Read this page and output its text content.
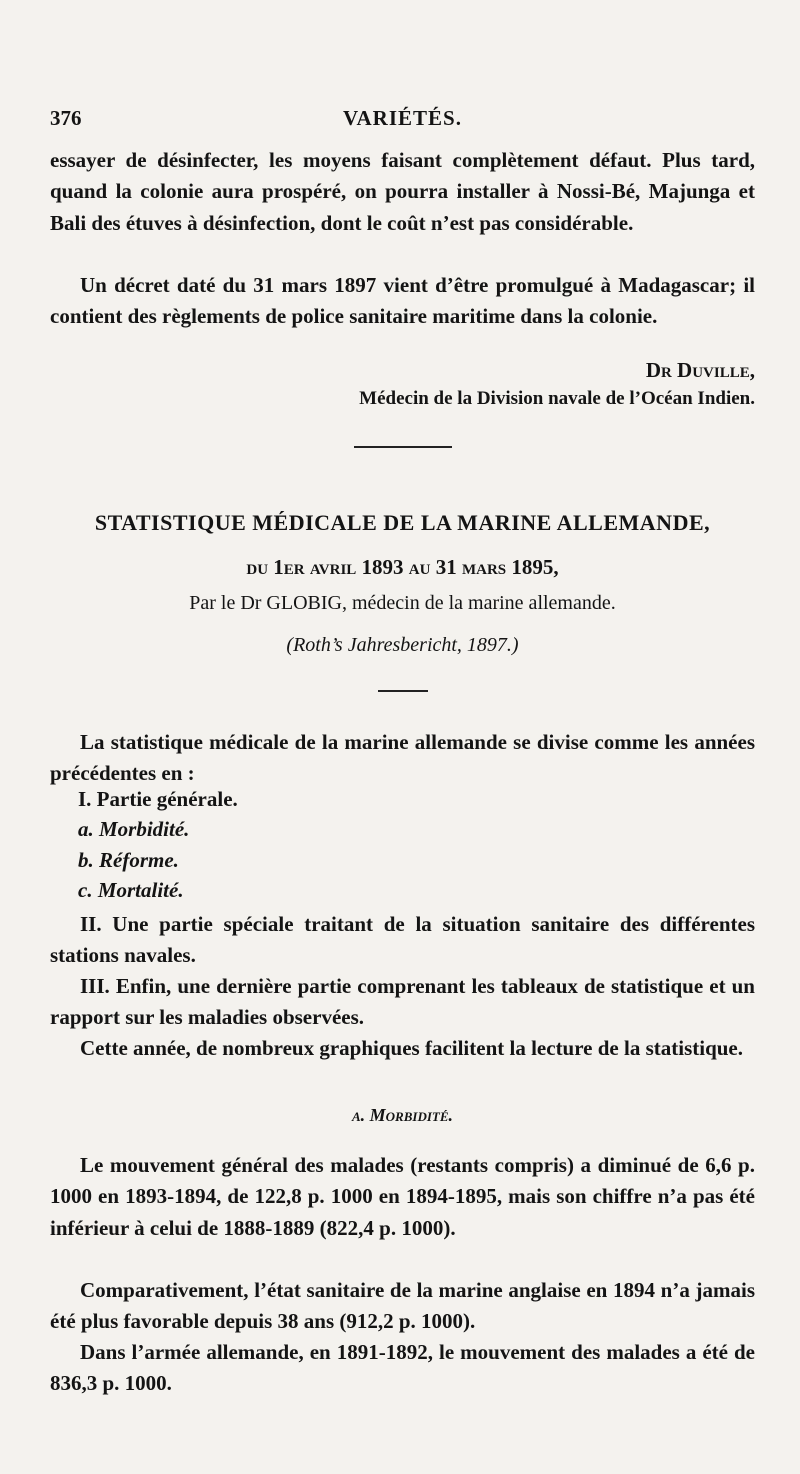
376	VARIÉTÉS.
essayer de désinfecter, les moyens faisant complètement défaut. Plus tard, quand la colonie aura prospéré, on pourra installer à Nossi-Bé, Majunga et Bali des étuves à désinfection, dont le coût n’est pas considérable.
Un décret daté du 31 mars 1897 vient d’être promulgué à Madagascar; il contient des règlements de police sanitaire maritime dans la colonie.
Dr Duville,
Médecin de la Division navale de l’Océan Indien.
STATISTIQUE MÉDICALE DE LA MARINE ALLEMANDE,
du 1er avril 1893 au 31 mars 1895,
Par le Dr GLOBIG, médecin de la marine allemande.
(Roth’s Jahresbericht, 1897.)
La statistique médicale de la marine allemande se divise comme les années précédentes en :
I. Partie générale.
a. Morbidité.
b. Réforme.
c. Mortalité.
II. Une partie spéciale traitant de la situation sanitaire des différentes stations navales.
III. Enfin, une dernière partie comprenant les tableaux de statistique et un rapport sur les maladies observées.
Cette année, de nombreux graphiques facilitent la lecture de la statistique.
a. Morbidité.
Le mouvement général des malades (restants compris) a diminué de 6,6 p. 1000 en 1893-1894, de 122,8 p. 1000 en 1894-1895, mais son chiffre n’a pas été inférieur à celui de 1888-1889 (822,4 p. 1000).
Comparativement, l’état sanitaire de la marine anglaise en 1894 n’a jamais été plus favorable depuis 38 ans (912,2 p. 1000).
Dans l’armée allemande, en 1891-1892, le mouvement des malades a été de 836,3 p. 1000.
